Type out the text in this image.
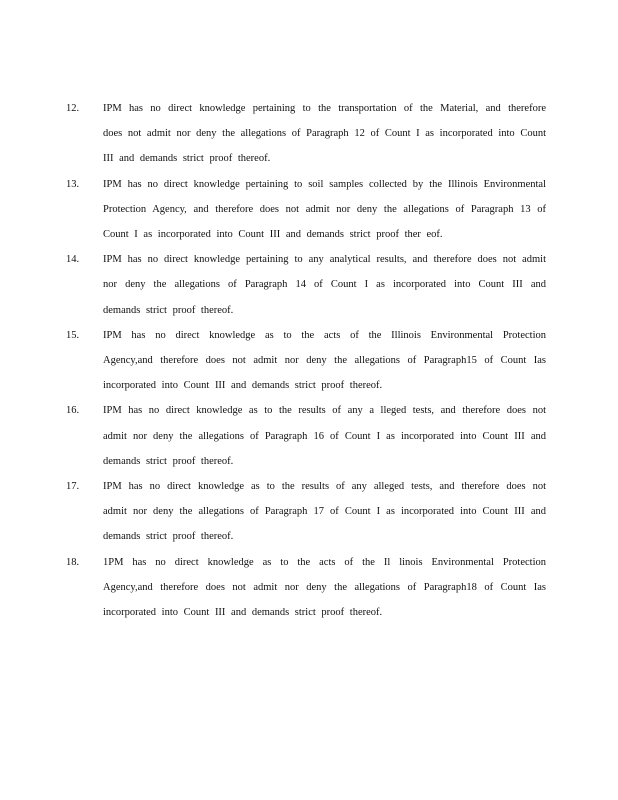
12.	IPM has no direct knowledge pertaining to the transportation of the Material, and therefore does not admit nor deny the allegations of Paragraph 12 of Count I as incorporated into Count III and demands strict proof thereof.
13.	IPM has no direct knowledge pertaining to soil samples collected by the Illinois Environmental Protection Agency, and therefore does not admit nor deny the allegations of Paragraph 13 of Count I as incorporated into Count III and demands strict proof ther eof.
14.	IPM has no direct knowledge pertaining to any analytical results, and therefore does not admit nor deny the allegations of Paragraph 14 of Count I as incorporated into Count III and demands strict proof thereof.
15.	IPM has no direct knowledge as to the acts of the Illinois Environmental Protection Agency,and therefore does not admit nor deny the allegations of Paragraph15 of Count Ias incorporated into Count III and demands strict proof thereof.
16.	IPM has no direct knowledge as to the results of any a lleged tests, and therefore does not admit nor deny the allegations of Paragraph 16 of Count I as incorporated into Count III and demands strict proof thereof.
17.	IPM has no direct knowledge as to the results of any alleged tests, and therefore does not admit nor deny the allegations of Paragraph 17 of Count I as incorporated into Count III and demands strict proof thereof.
18.	1PM has no direct knowledge as to the acts of the Il linois Environmental Protection Agency,and therefore does not admit nor deny the allegations of Paragraph18 of Count Ias incorporated into Count III and demands strict proof thereof.
